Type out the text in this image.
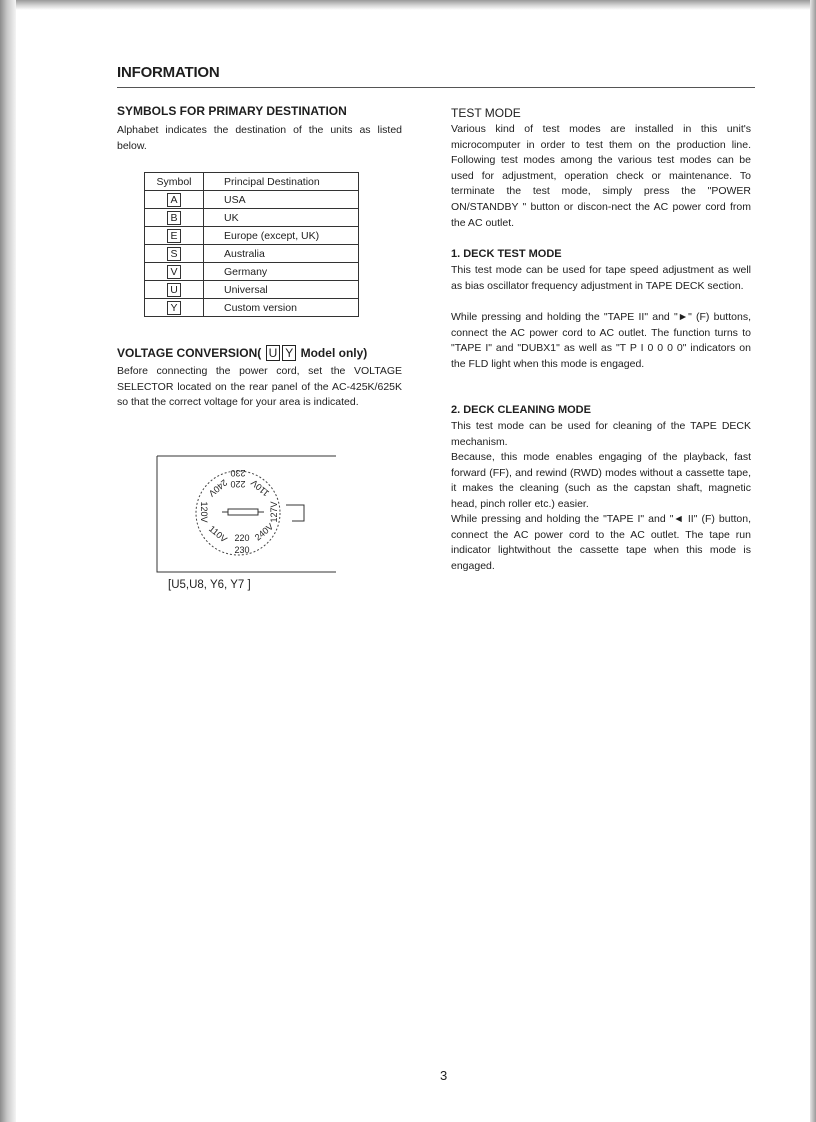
INFORMATION
SYMBOLS FOR PRIMARY DESTINATION
Alphabet indicates the destination of the units as listed below.
Symbol	Principal Destination
A	USA
B	UK
E	Europe (except, UK)
S	Australia
V	Germany
U	Universal
Y	Custom version
VOLTAGE CONVERSION( U Y Model only)
Before connecting the power cord, set the VOLTAGE SELECTOR located on the rear panel of the AC-425K/625K so that the correct voltage for your area is indicated.
230
220
240V 110V
120V	127V
110V 220
230
240V
[U5,U8, Y6, Y7 ]
TEST MODE
Various kind of test modes are installed in this unit's microcomputer in order to test them on the production line. Following test modes among the various test modes can be used for adjustment, operation check or maintenance. To terminate the test mode, simply press the "POWER ON/STANDBY " button or discon-nect the AC power cord from the AC outlet.
1. DECK TEST MODE
This test mode can be used for tape speed adjustment as well as bias oscillator frequency adjustment in TAPE DECK section.
While pressing and holding the "TAPE II" and "►" (F) buttons, connect the AC power cord to AC outlet. The function turns to "TAPE I" and "DUBX1" as well as "T P I 0 0 0 0" indicators on the FLD light when this mode is engaged.
2. DECK CLEANING MODE
This test mode can be used for cleaning of the TAPE DECK mechanism.
Because, this mode enables engaging of the playback, fast forward (FF), and rewind (RWD) modes without a cassette tape, it makes the cleaning (such as the capstan shaft, magnetic head, pinch roller etc.) easier.
While pressing and holding the "TAPE I" and "◄ II" (F) button, connect the AC power cord to the AC outlet. The tape run indicator lightwithout the cassette tape when this mode is engaged.
3
